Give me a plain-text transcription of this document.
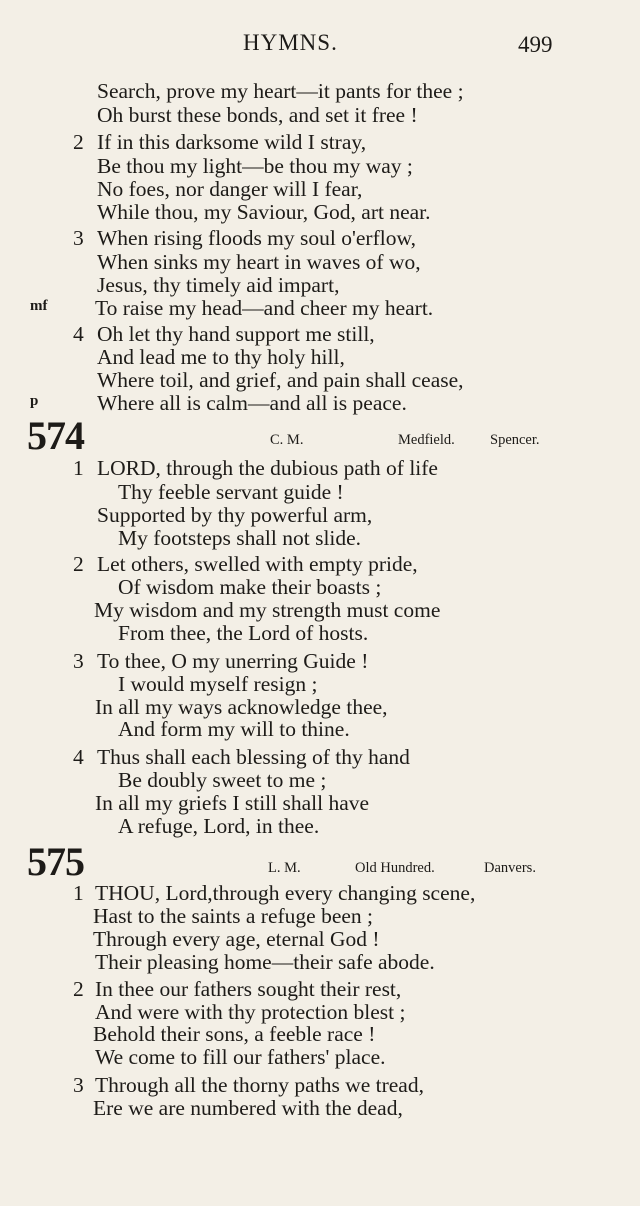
HYMNS.	499
Search, prove my heart—it pants for thee ;
Oh burst these bonds, and set it free !
2 If in this darksome wild I stray,
Be thou my light—be thou my way ;
No foes, nor danger will I fear,
While thou, my Saviour, God, art near.
3 When rising floods my soul o'erflow,
When sinks my heart in waves of wo,
Jesus, thy timely aid impart,
mf To raise my head—and cheer my heart.
4 Oh let thy hand support me still,
And lead me to thy holy hill,
Where toil, and grief, and pain shall cease,
p	Where all is calm—and all is peace.
574	C. M.	Medfield. Spencer.
1 LORD, through the dubious path of life
Thy feeble servant guide !
Supported by thy powerful arm,
My footsteps shall not slide.
2 Let others, swelled with empty pride,
Of wisdom make their boasts ;
My wisdom and my strength must come
From thee, the Lord of hosts.
3 To thee, O my unerring Guide !
I would myself resign ;
In all my ways acknowledge thee,
And form my will to thine.
4 Thus shall each blessing of thy hand
Be doubly sweet to me ;
In all my griefs I still shall have
A refuge, Lord, in thee.
575	L. M.	Old Hundred.	Danvers.
1 THOU, Lord,through every changing scene,
Hast to the saints a refuge been ;
Through every age, eternal God !
Their pleasing home—their safe abode.
2 In thee our fathers sought their rest,
And were with thy protection blest ;
Behold their sons, a feeble race !
We come to fill our fathers' place.
3 Through all the thorny paths we tread,
Ere we are numbered with the dead,
